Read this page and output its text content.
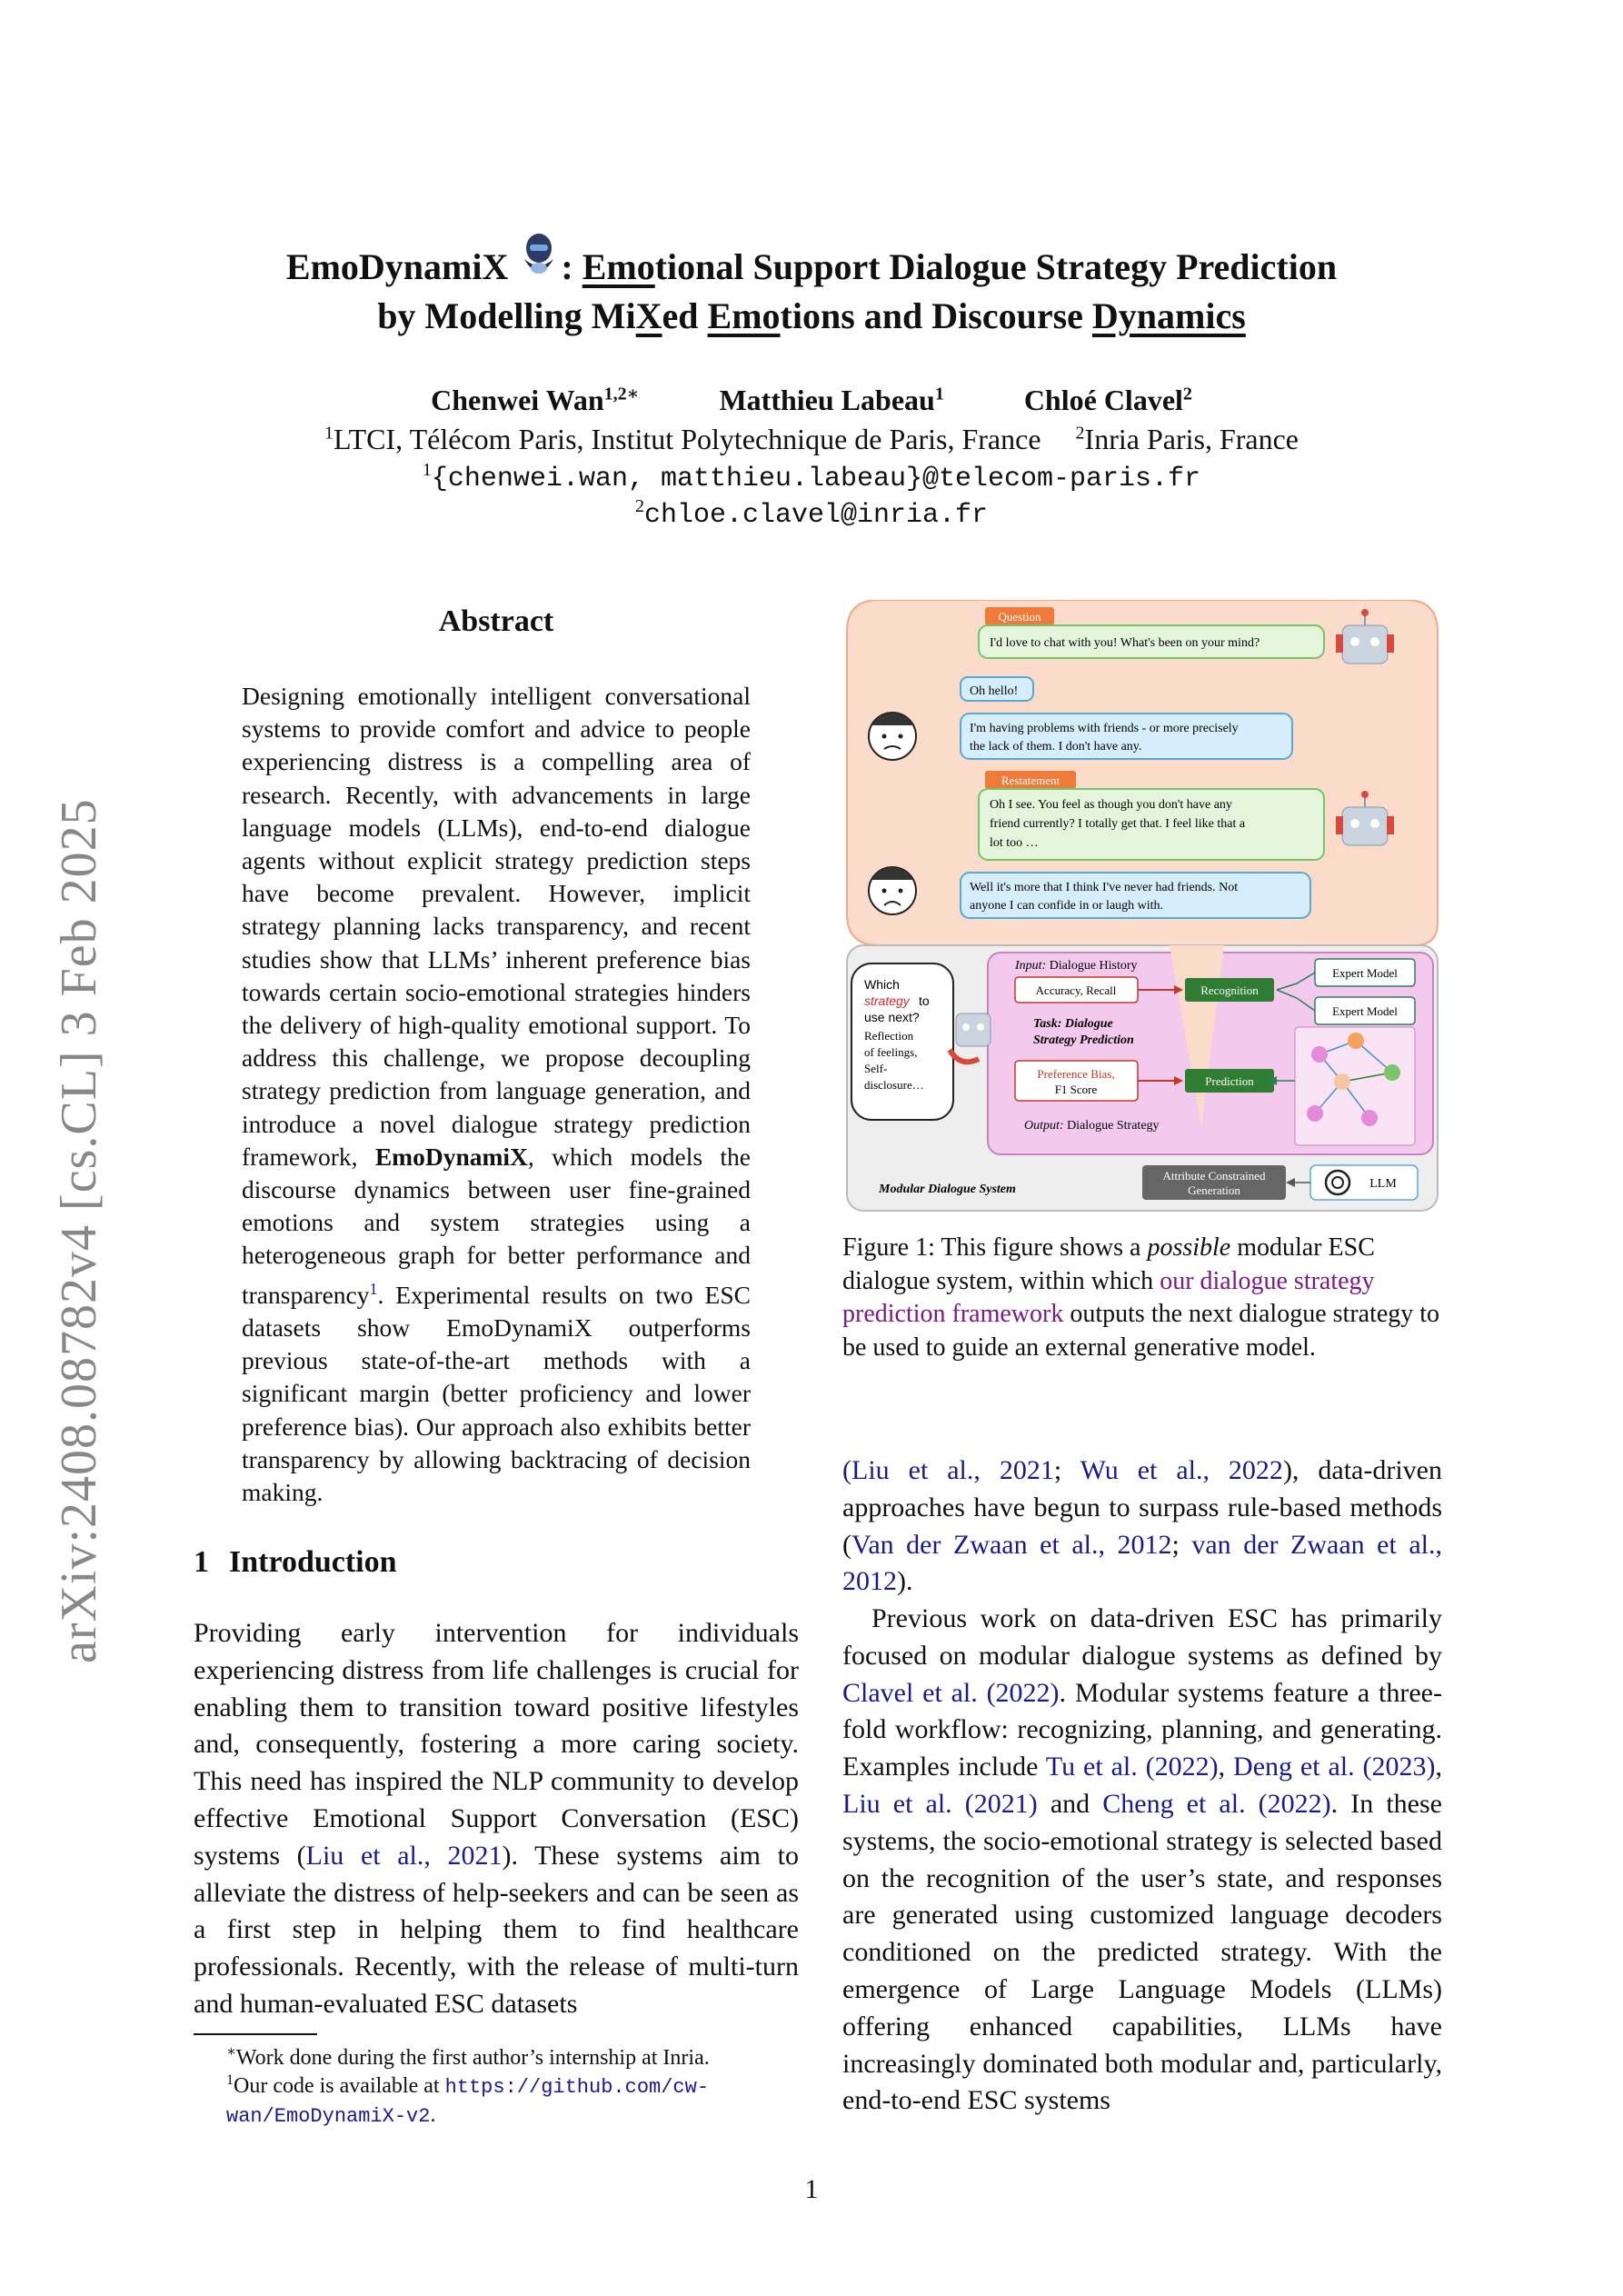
arXiv:2408.08782v4 [cs.CL] 3 Feb 2025
EmoDynamiX : Emotional Support Dialogue Strategy Prediction
by Modelling MiXed Emotions and Discourse Dynamics
Chenwei Wan$^{1,2∗}$	Matthieu Labeau$^1$	Chloé Clavel$^2$
$^1$LTCI, Télécom Paris, Institut Polytechnique de Paris, France $^2$Inria Paris, France
$^1${chenwei.wan, matthieu.labeau}@telecom-paris.fr
$^2$chloe.clavel@inria.fr
Abstract
Designing emotionally intelligent conversational systems to provide comfort and advice to people experiencing distress is a compelling area of research. Recently, with advancements in large language models (LLMs), end-to-end dialogue agents without explicit strategy prediction steps have become prevalent. However, implicit strategy planning lacks transparency, and recent studies show that LLMs’ inherent preference bias towards certain socio-emotional strategies hinders the delivery of high-quality emotional support. To address this challenge, we propose decoupling strategy prediction from language generation, and introduce a novel dialogue strategy prediction framework, EmoDynamiX, which models the discourse dynamics between user fine-grained emotions and system strategies using a heterogeneous graph for better performance and transparency$^1$. Experimental results on two ESC datasets show EmoDynamiX outperforms previous state-of-the-art methods with a significant margin (better proficiency and lower preference bias). Our approach also exhibits better transparency by allowing backtracing of decision making.
1 Introduction
Providing early intervention for individuals experiencing distress from life challenges is crucial for enabling them to transition toward positive lifestyles and, consequently, fostering a more caring society. This need has inspired the NLP community to develop effective Emotional Support Conversation (ESC) systems (Liu et al., 2021). These systems aim to alleviate the distress of help-seekers and can be seen as a first step in helping them to find healthcare professionals. Recently, with the release of multi-turn and human-evaluated ESC datasets
∗Work done during the first author’s internship at Inria.
$^1$Our code is available at https://github.com/cw-wan/EmoDynamiX-v2.
Question
I'd love to chat with you! What's been on your mind?
Oh hello!
I'm having problems with friends - or more precisely
the lack of them. I don't have any.
Restatement
Oh I see. You feel as though you don't have any
friend currently? I totally get that. I feel like that a
lot too …
Well it's more that I think I've never had friends. Not
anyone I can confide in or laugh with.
Which
strategy to
use next?
Reflection
of feelings,
Self-
disclosure…
Input: Dialogue History
Accuracy, Recall
Task: Dialogue
Strategy Prediction
Preference Bias,
F1 Score
Output: Dialogue Strategy
Recognition
Prediction
Expert Model
Expert Model
Modular Dialogue System
Attribute Constrained
Generation	LLM
Figure 1: This figure shows a possible modular ESC dialogue system, within which our dialogue strategy prediction framework outputs the next dialogue strategy to be used to guide an external generative model.
(Liu et al., 2021; Wu et al., 2022), data-driven approaches have begun to surpass rule-based methods (Van der Zwaan et al., 2012; van der Zwaan et al., 2012).
Previous work on data-driven ESC has primarily focused on modular dialogue systems as defined by Clavel et al. (2022). Modular systems feature a three-fold workflow: recognizing, planning, and generating. Examples include Tu et al. (2022), Deng et al. (2023), Liu et al. (2021) and Cheng et al. (2022). In these systems, the socio-emotional strategy is selected based on the recognition of the user’s state, and responses are generated using customized language decoders conditioned on the predicted strategy. With the emergence of Large Language Models (LLMs) offering enhanced capabilities, LLMs have increasingly dominated both modular and, particularly, end-to-end ESC systems
1
